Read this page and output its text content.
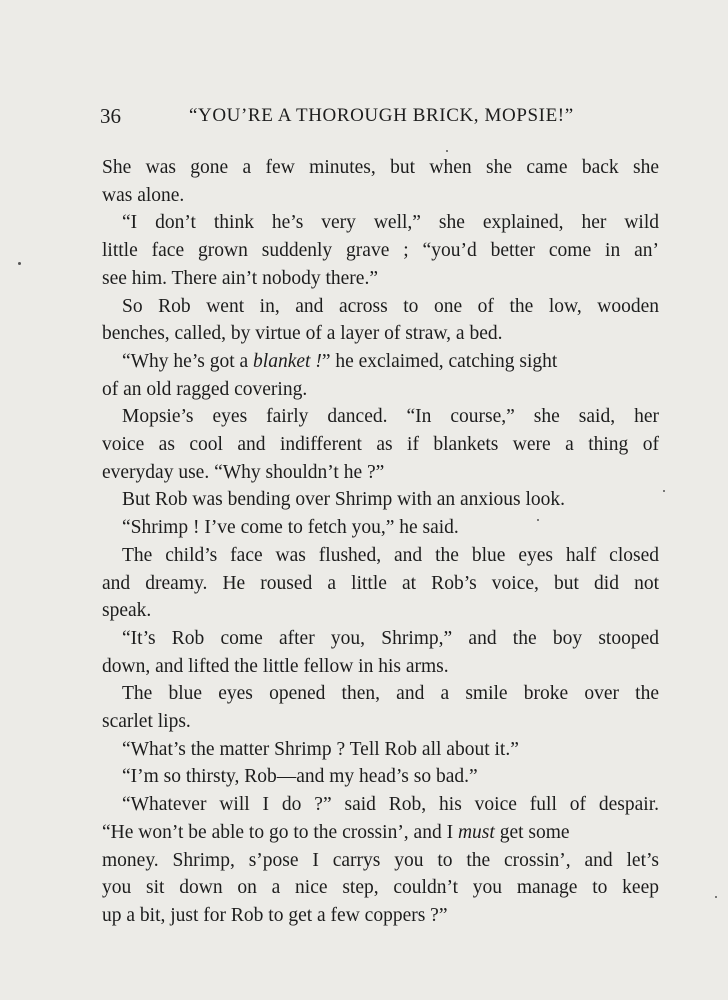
36	“YOU’RE A THOROUGH BRICK, MOPSIE!”
She was gone a few minutes, but when she came back she
was alone.
“I don’t think he’s very well,” she explained, her wild
little face grown suddenly grave ; “you’d better come in an’
see him. There ain’t nobody there.”
So Rob went in, and across to one of the low, wooden
benches, called, by virtue of a layer of straw, a bed.
“Why he’s got a blanket !” he exclaimed, catching sight
of an old ragged covering.
Mopsie’s eyes fairly danced. “In course,” she said, her
voice as cool and indifferent as if blankets were a thing of
everyday use. “Why shouldn’t he ?”
But Rob was bending over Shrimp with an anxious look.
“Shrimp ! I’ve come to fetch you,” he said.
The child’s face was flushed, and the blue eyes half closed
and dreamy. He roused a little at Rob’s voice, but did not
speak.
“It’s Rob come after you, Shrimp,” and the boy stooped
down, and lifted the little fellow in his arms.
The blue eyes opened then, and a smile broke over the
scarlet lips.
“What’s the matter Shrimp ? Tell Rob all about it.”
“I’m so thirsty, Rob—and my head’s so bad.”
“Whatever will I do ?” said Rob, his voice full of despair.
“He won’t be able to go to the crossin’, and I must get some
money. Shrimp, s’pose I carrys you to the crossin’, and let’s
you sit down on a nice step, couldn’t you manage to keep
up a bit, just for Rob to get a few coppers ?”
